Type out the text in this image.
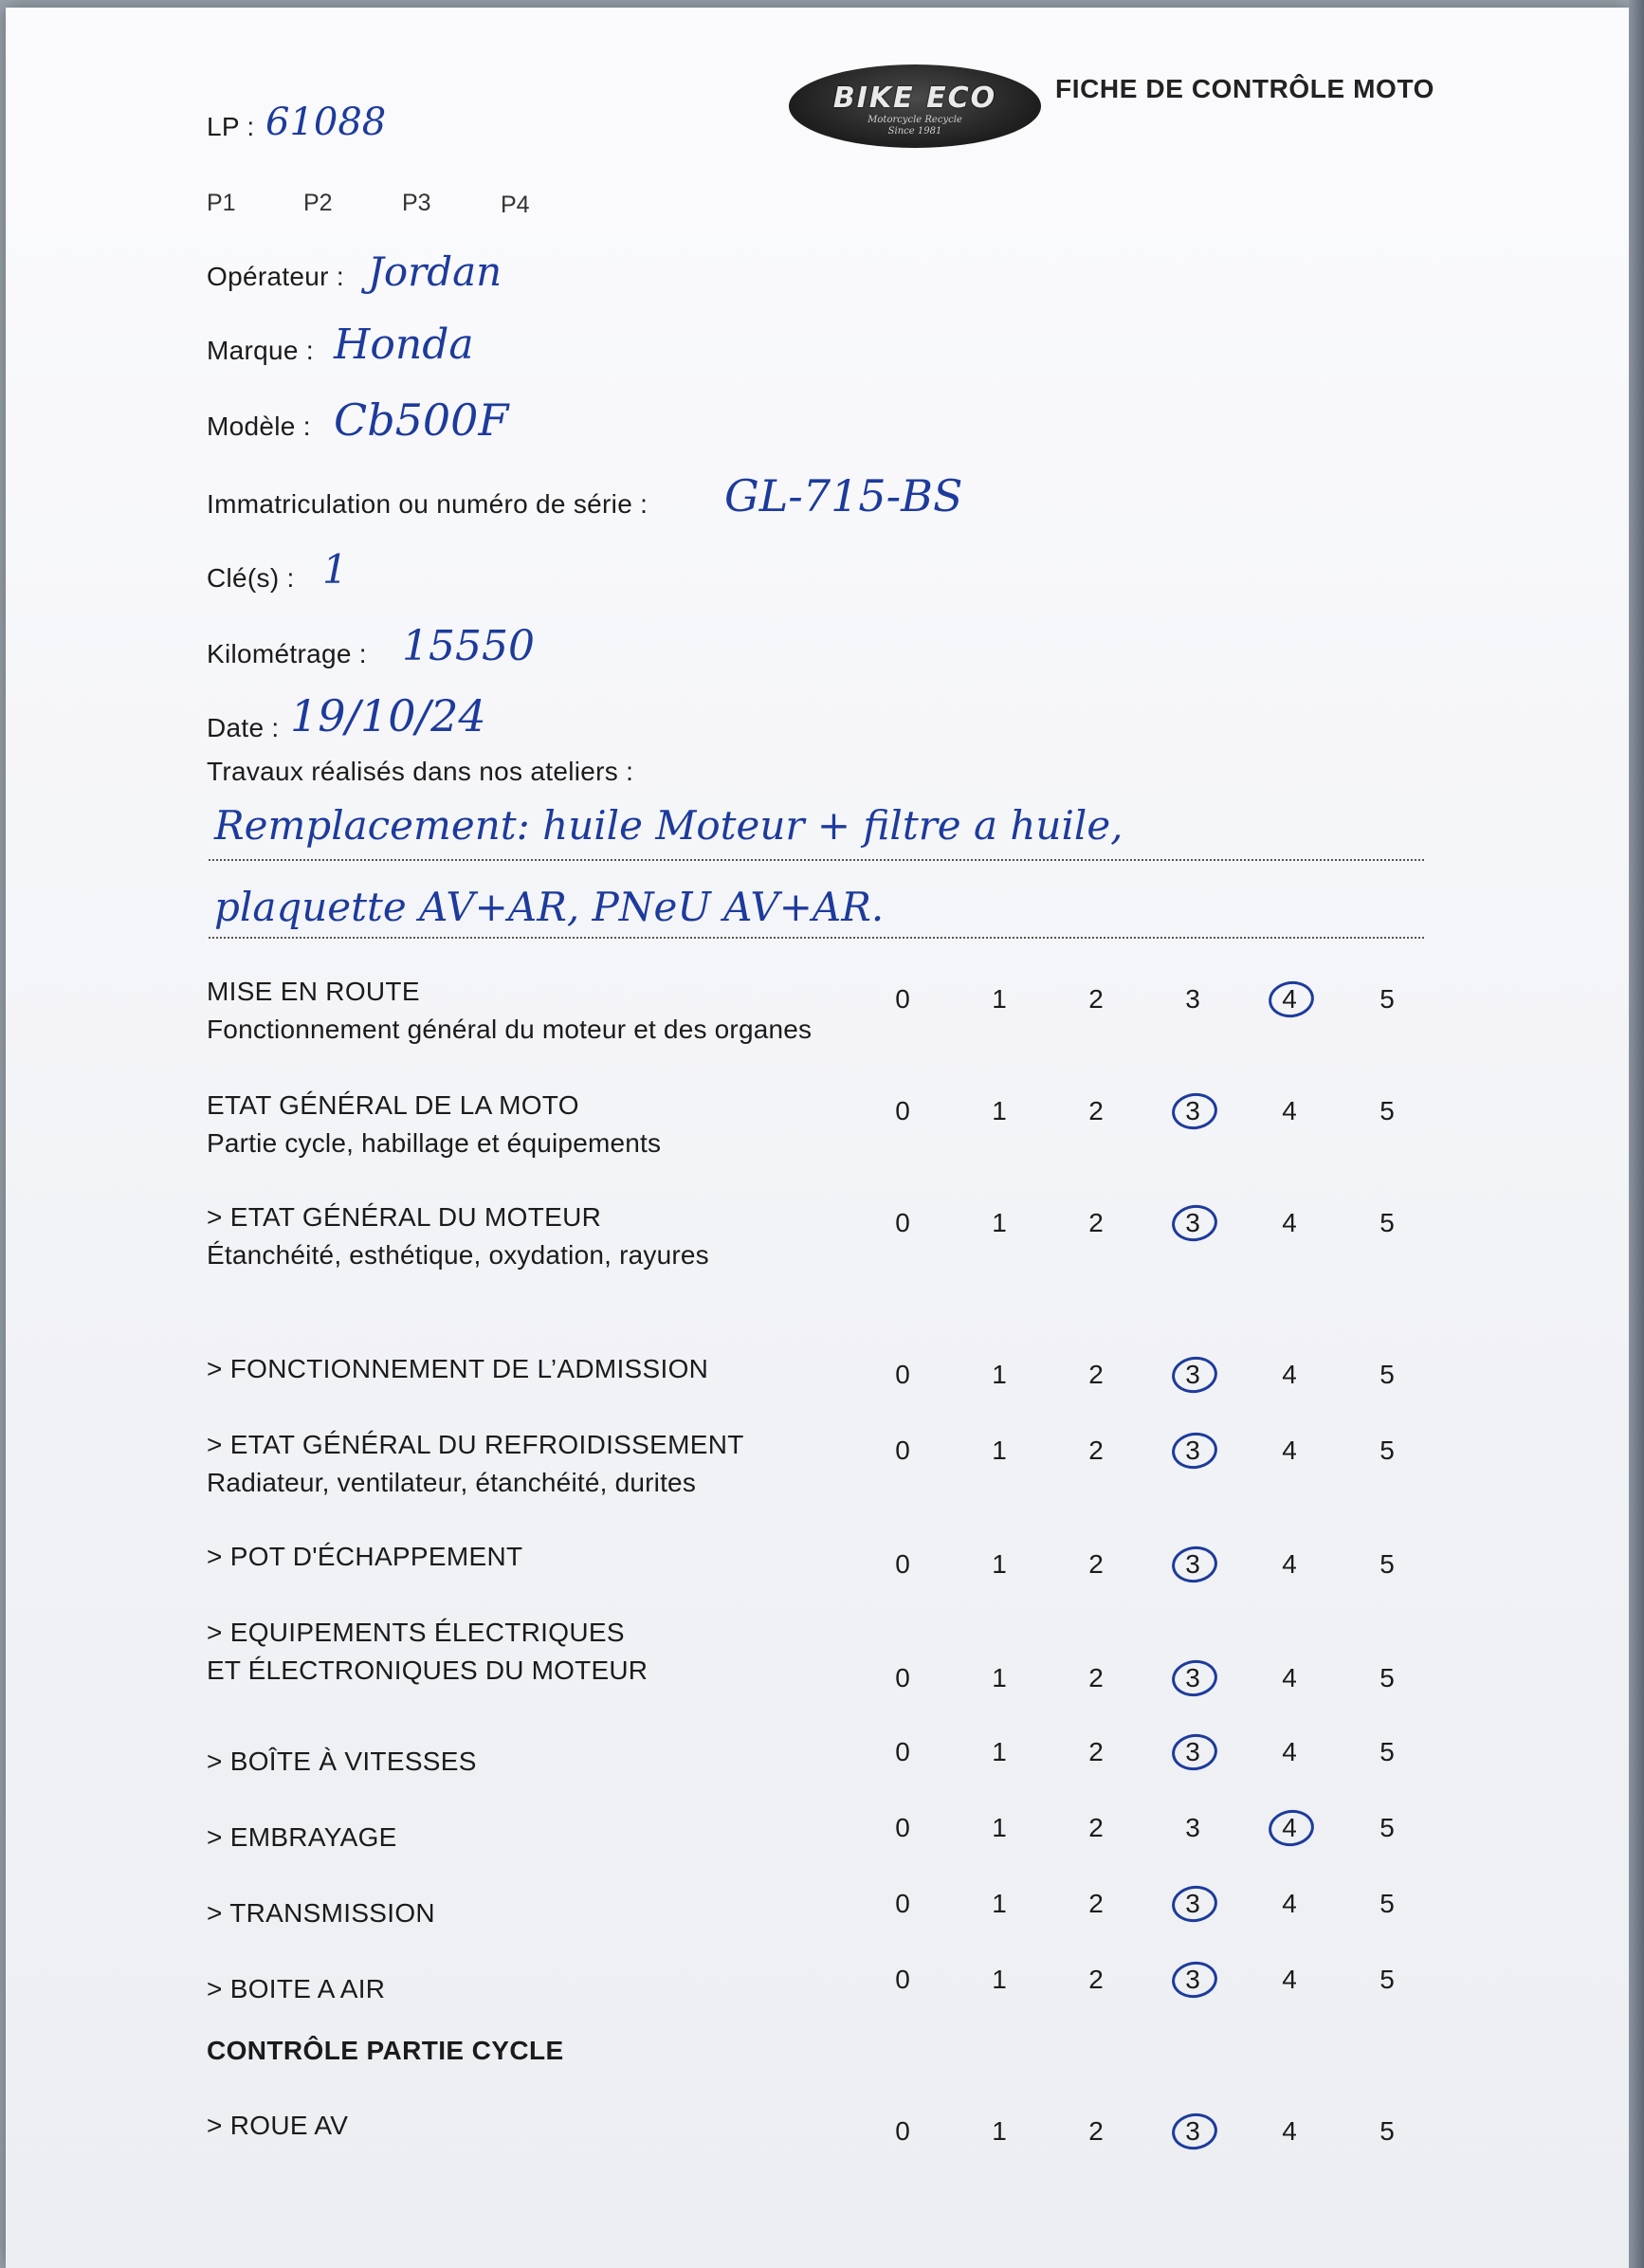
BIKE ECO
Motorcycle Recycle
Since 1981
FICHE DE CONTRÔLE MOTO
LP : 61088
P1	P2	P3	P4
Opérateur : Jordan
Marque : Honda
Modèle : Cb500F
Immatriculation ou numéro de série : GL-715-BS
Clé(s) : 1
Kilométrage : 15550
Date : 19/10/24
Travaux réalisés dans nos ateliers :
Remplacement: huile Moteur + filtre a huile,
plaquette AV+AR, PNeU AV+AR.
MISE EN ROUTE
Fonctionnement général du moteur et des organes
0	1	2	3	4	5
ETAT GÉNÉRAL DE LA MOTO
Partie cycle, habillage et équipements
0	1	2	3	4	5
> ETAT GÉNÉRAL DU MOTEUR
Étanchéité, esthétique, oxydation, rayures
0	1	2	3	4	5
> FONCTIONNEMENT DE L’ADMISSION	0	1	2	3	4	5
> ETAT GÉNÉRAL DU REFROIDISSEMENT
Radiateur, ventilateur, étanchéité, durites
0	1	2	3	4	5
> POT D'ÉCHAPPEMENT	0	1	2	3	4	5
> EQUIPEMENTS ÉLECTRIQUES
ET ÉLECTRONIQUES DU MOTEUR	0	1	2	3	4	5
> BOÎTE À VITESSES	0	1	2	3	4	5
> EMBRAYAGE	0	1	2	3	4	5
> TRANSMISSION	0	1	2	3	4	5
> BOITE A AIR	0	1	2	3	4	5
CONTRÔLE PARTIE CYCLE
> ROUE AV	0	1	2	3	4	5
